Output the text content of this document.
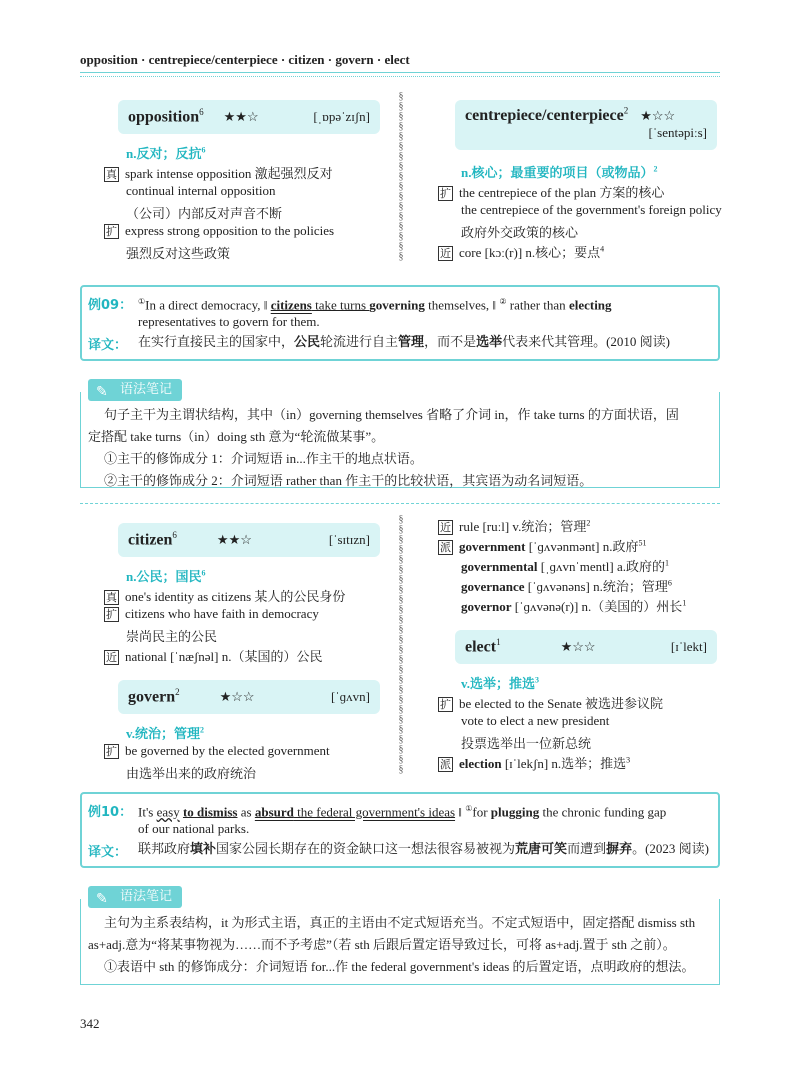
opposition · centrepiece/centerpiece · citizen · govern · elect
opposition$^6$ ★★☆	[ˌɒpəˈzɪʃn]
n.反对；反抗$^6$
真 spark intense opposition 激起强烈反对
continual internal opposition
（公司）内部反对声音不断
扩 express strong opposition to the policies
强烈反对这些政策
§
§
§
§
§
§
§
§
§
§
§
§
§
§
§
§
§
centrepiece/centerpiece$^2$ ★☆☆
[ˈsentəpiːs]
n.核心；最重要的项目（或物品）$^2$
扩 the centrepiece of the plan 方案的核心
the centrepiece of the government's foreign policy
政府外交政策的核心
近 core [kɔː(r)] n.核心；要点$^4$
例09： ①In a direct democracy, ‖ citizens take turns governing themselves, ‖ ② rather than electing
representatives to govern for them.
译文： 在实行直接民主的国家中，公民轮流进行自主管理，而不是选举代表来代其管理。(2010 阅读)
✎ 语法笔记
句子主干为主谓状结构，其中（in）governing themselves 省略了介词 in，作 take turns 的方面状语，固
定搭配 take turns（in）doing sth 意为“轮流做某事”。
①主干的修饰成分 1：介词短语 in...作主干的地点状语。
②主干的修饰成分 2：介词短语 rather than 作主干的比较状语，其宾语为动名词短语。
citizen$^6$	★★☆	[ˈsɪtɪzn]
n.公民；国民$^6$
真 one's identity as citizens 某人的公民身份
扩 citizens who have faith in democracy
崇尚民主的公民
近 national [ˈnæʃnəl] n.（某国的）公民
govern$^2$	★☆☆	[ˈɡʌvn]
v.统治；管理$^2$
扩 be governed by the elected government
由选举出来的政府统治
§
§
§
§
§
§
§
§
§
§
§
§
§
§
§
§
§
§
§
§
§
§
§
§
§
§
近 rule [ruːl] v.统治；管理$^2$
派 government [ˈɡʌvənmənt] n.政府$^{51}$
governmental [ˌɡʌvnˈmentl] a.政府的$^1$
governance [ˈɡʌvənəns] n.统治；管理$^6$
governor [ˈɡʌvənə(r)] n.（美国的）州长$^1$
elect$^1$	★☆☆	[ɪˈlekt]
v.选举；推选$^3$
扩 be elected to the Senate 被选进参议院
vote to elect a new president
投票选举出一位新总统
派 election [ɪˈlekʃn] n.选举；推选$^3$
例10： It's easy to dismiss as absurd the federal government's ideas ‖ ①for plugging the chronic funding gap
of our national parks.
译文： 联邦政府填补国家公园长期存在的资金缺口这一想法很容易被视为荒唐可笑而遭到摒弃。(2023 阅读)
✎ 语法笔记
主句为主系表结构，it 为形式主语，真正的主语由不定式短语充当。不定式短语中，固定搭配 dismiss sth
as+adj.意为“将某事物视为……而不予考虑”（若 sth 后跟后置定语导致过长，可将 as+adj.置于 sth 之前）。
①表语中 sth 的修饰成分：介词短语 for...作 the federal government's ideas 的后置定语，点明政府的想法。
342
